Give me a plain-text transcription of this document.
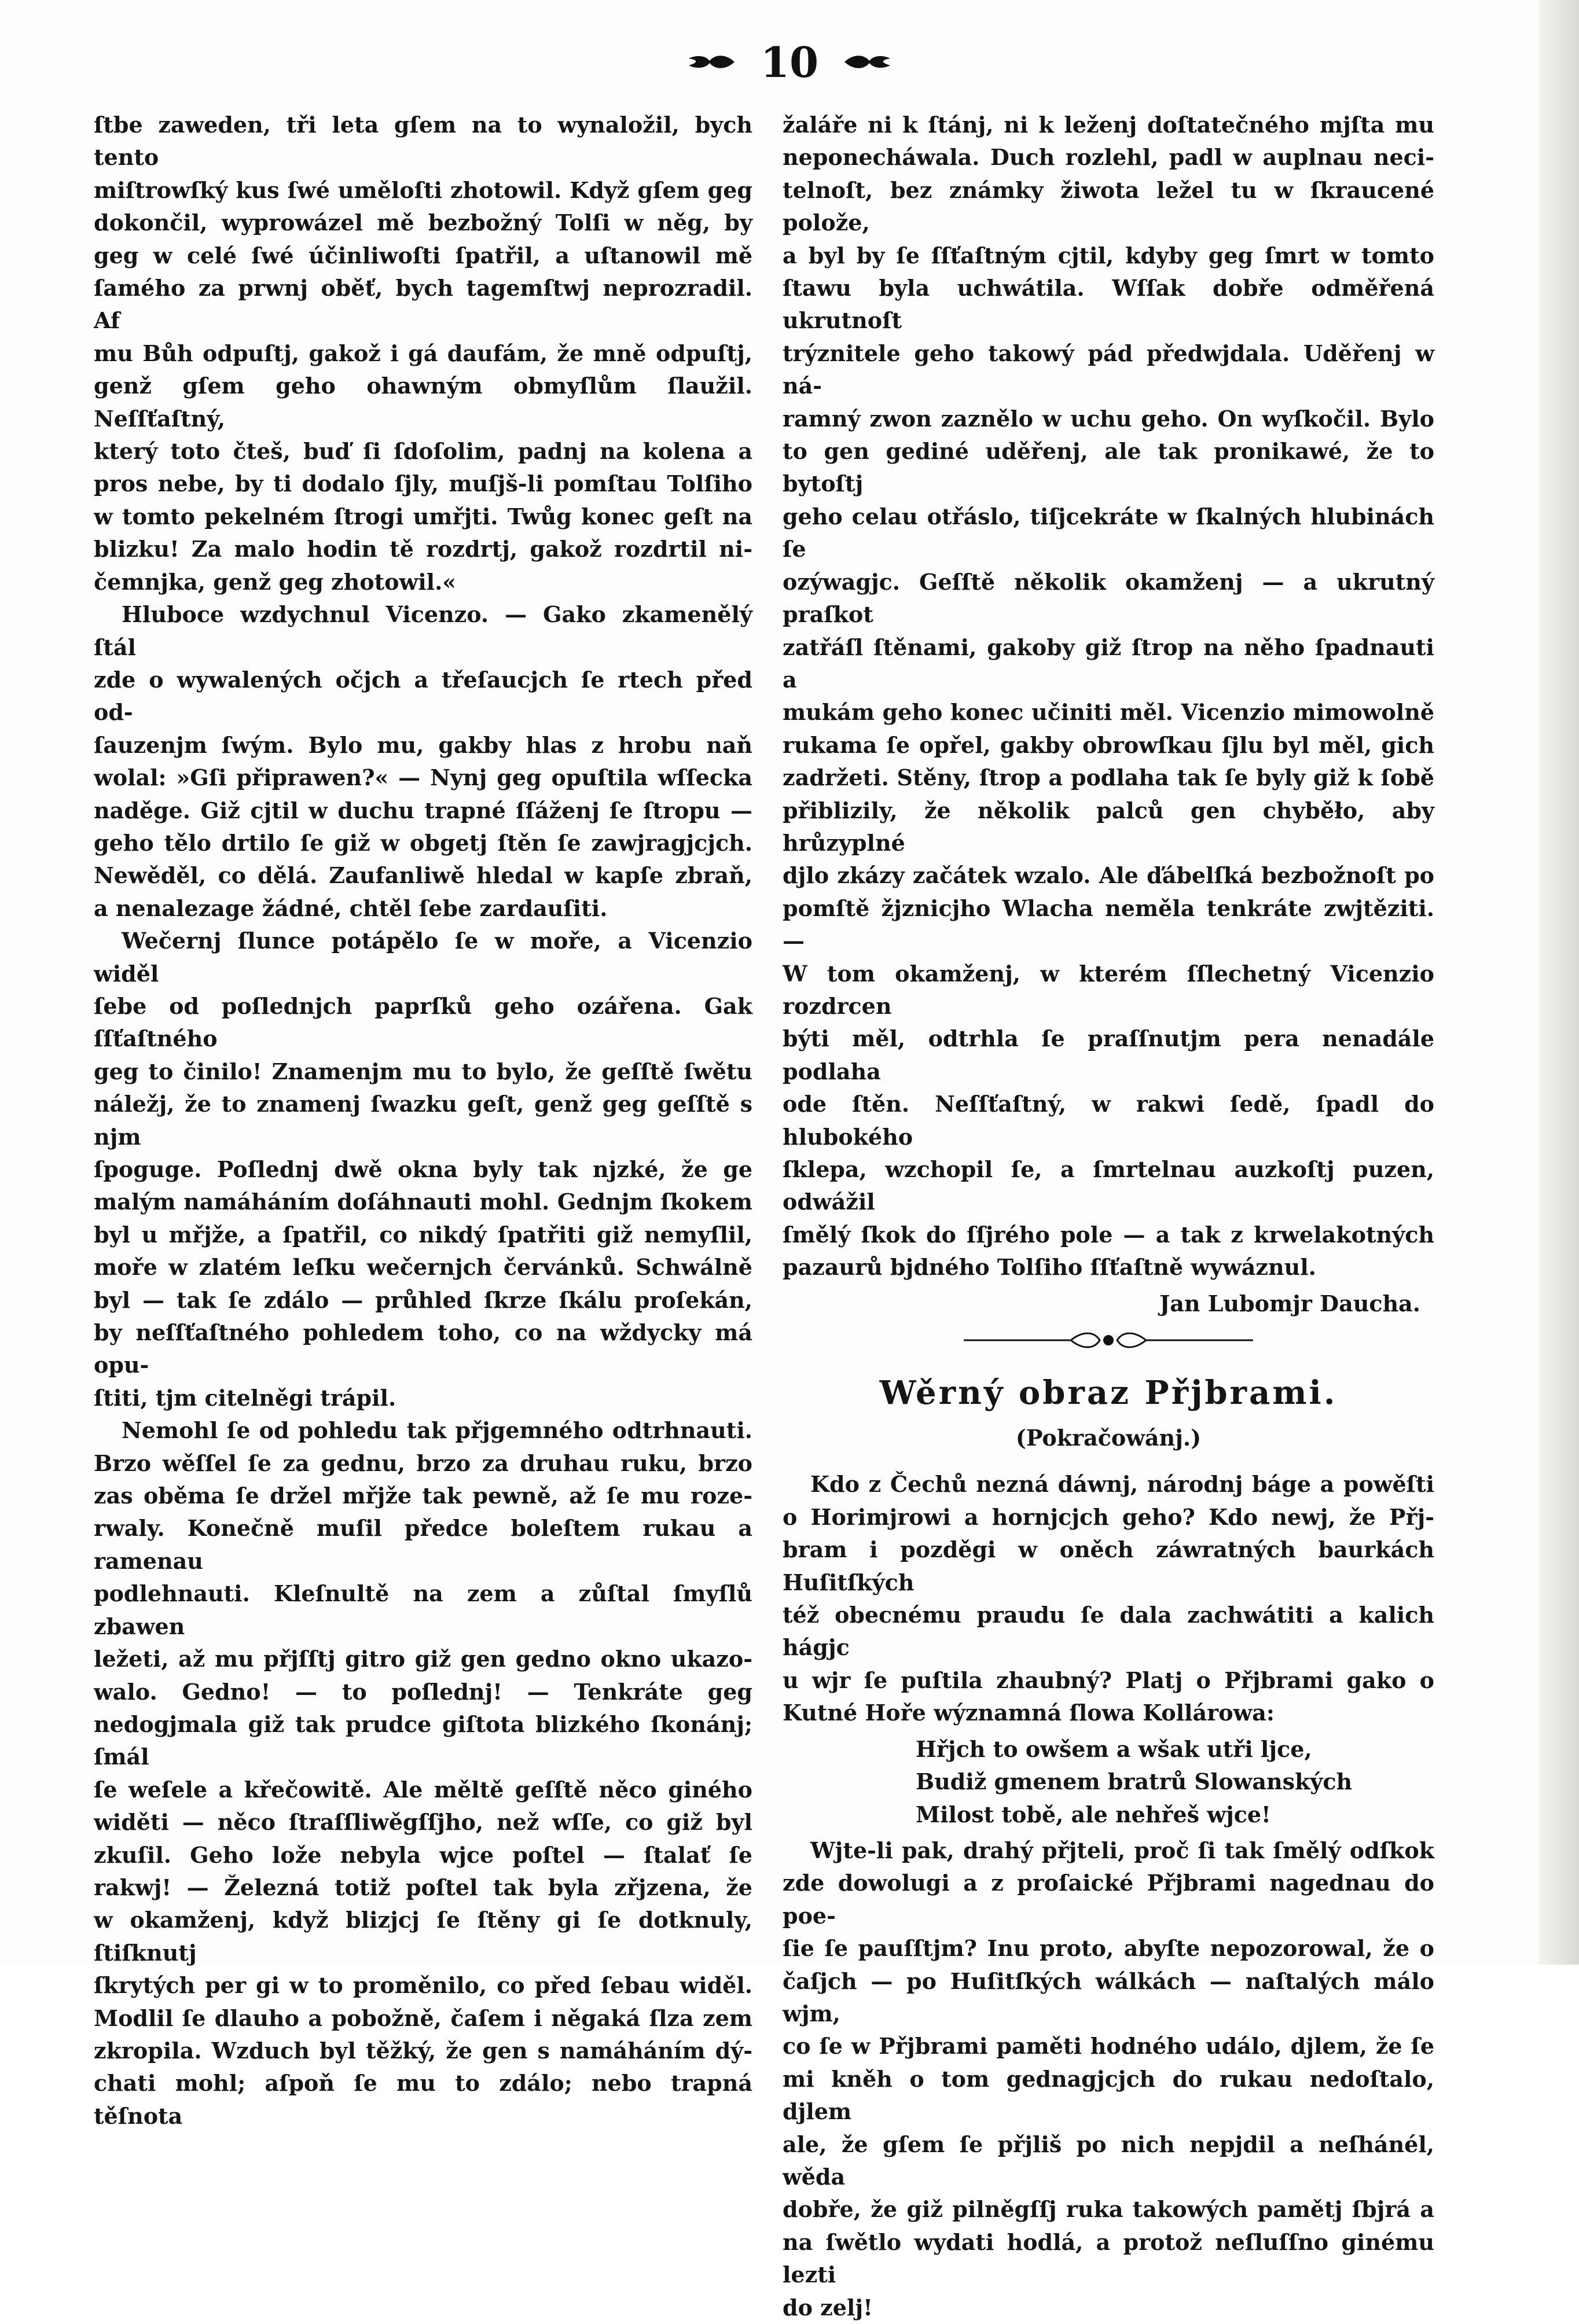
10
ſtbe zaweden, tři leta gſem na to wynaložil, bych tento
miſtrowſký kus ſwé uměloſti zhotowil. Když gſem geg
dokončil, wyprowázel mě bezbožný Tolſi w něg, by
geg w celé ſwé účinliwoſti ſpatřil, a uſtanowil mě
ſamého za prwnj oběť, bych tagemſtwj neprozradil. Af
mu Bůh odpuſtj, gakož i gá daufám, že mně odpuſtj,
genž gſem geho ohawným obmyſlům ſlaužil. Neſſťaſtný,
který toto čteš, buď ſi ſdoſolim, padnj na kolena a
pros nebe, by ti dodalo ſjly, muſjš-li pomſtau Tolſiho
w tomto pekelném ſtrogi umřjti. Twůg konec geſt na
blizku! Za malo hodin tě rozdrtj, gakož rozdrtil ni-
čemnjka, genž geg zhotowil.«
Hluboce wzdychnul Vicenzo. — Gako zkamenělý ſtál
zde o wywalených očjch a třeſaucjch ſe rtech před od-
ſauzenjm ſwým. Bylo mu, gakby hlas z hrobu naň
wolal: »Gſi připrawen?« — Nynj geg opuſtila wſſecka
naděge. Giž cjtil w duchu trapné ſſáženj ſe ſtropu —
geho tělo drtilo ſe giž w obgetj ſtěn ſe zawjragjcjch.
Newěděl, co dělá. Zaufanliwě hledal w kapſe zbraň,
a nenalezage žádné, chtěl ſebe zardauſiti.
Wečernj ſlunce potápělo ſe w moře, a Vicenzio widěl
ſebe od poſlednjch paprſků geho ozářena. Gak ſſťaſtného
geg to činilo! Znamenjm mu to bylo, že geſſtě ſwětu
náležj, že to znamenj ſwazku geſt, genž geg geſſtě s njm
ſpoguge. Poſlednj dwě okna byly tak njzké, že ge
malým namáháním doſáhnauti mohl. Gednjm ſkokem
byl u mřjže, a ſpatřil, co nikdý ſpatřiti giž nemyſlil,
moře w zlatém leſku wečernjch červánků. Schwálně
byl — tak ſe zdálo — průhled ſkrze ſkálu proſekán,
by neſſťaſtného pohledem toho, co na wždycky má opu-
ſtiti, tjm citelněgi trápil.
Nemohl ſe od pohledu tak přjgemného odtrhnauti.
Brzo wěſſel ſe za gednu, brzo za druhau ruku, brzo
zas oběma ſe držel mřjže tak pewně, až ſe mu roze-
rwaly. Konečně muſil předce boleſtem rukau a ramenau
podlehnauti. Kleſnultě na zem a zůſtal ſmyſlů zbawen
ležeti, až mu přjſſtj gitro giž gen gedno okno ukazo-
walo. Gedno! — to poſlednj! — Tenkráte geg
nedogjmala giž tak prudce giſtota blizkého ſkonánj; ſmál
ſe weſele a křečowitě. Ale měltě geſſtě něco giného
widěti — něco ſtraſſliwěgſſjho, než wſſe, co giž byl
zkuſil. Geho lože nebyla wjce poſtel — ſtalať ſe
rakwj! — Železná totiž poſtel tak byla zřjzena, že
w okamženj, když blizjcj ſe ſtěny gi ſe dotknuly, ſtiſknutj
ſkrytých per gi w to proměnilo, co před ſebau widěl.
Modlil ſe dlauho a pobožně, čaſem i něgaká ſlza zem
zkropila. Wzduch byl těžký, že gen s namáháním dý-
chati mohl; aſpoň ſe mu to zdálo; nebo trapná těſnota
žaláře ni k ſtánj, ni k leženj doſtatečného mjſta mu
neponecháwala. Duch rozlehl, padl w auplnau neci-
telnoſt, bez známky žiwota ležel tu w ſkraucené polože,
a byl by ſe ſſťaſtným cjtil, kdyby geg ſmrt w tomto
ſtawu byla uchwátila. Wſſak dobře odměřená ukrutnoſt
trýznitele geho takowý pád předwjdala. Uděřenj w ná-
ramný zwon zaznělo w uchu geho. On wyſkočil. Bylo
to gen gediné uděřenj, ale tak pronikawé, že to bytoſtj
geho celau otřáslo, tiſjcekráte w ſkalných hlubinách ſe
ozýwagjc. Geſſtě několik okamženj — a ukrutný praſkot
zatřáſl ſtěnami, gakoby giž ſtrop na něho ſpadnauti a
mukám geho konec učiniti měl. Vicenzio mimowolně
rukama ſe opřel, gakby obrowſkau ſjlu byl měl, gich
zadržeti. Stěny, ſtrop a podlaha tak ſe byly giž k ſobě
přiblizily, že několik palců gen chyběło, aby hrůzyplné
djlo zkázy začátek wzalo. Ale ďábelſká bezbožnoſt po
pomſtě žjznicjho Wlacha neměla tenkráte zwjtěziti. —
W tom okamženj, w kterém ſſlechetný Vicenzio rozdrcen
býti měl, odtrhla ſe praſſnutjm pera nenadále podlaha
ode ſtěn. Neſſťaſtný, w rakwi ſedě, ſpadl do hlubokého
ſklepa, wzchopil ſe, a ſmrtelnau auzkoſtj puzen, odwážil
ſmělý ſkok do ſſjrého pole — a tak z krwelakotných
pazaurů bjdného Tolſiho ſſťaſtně wywáznul.
Jan Lubomjr Daucha.
Wěrný obraz Přjbrami.
(Pokračowánj.)
Kdo z Čechů nezná dáwnj, národnj báge a powěſti
o Horimjrowi a hornjcjch geho? Kdo newj, že Přj-
bram i pozděgi w oněch záwratných baurkách Huſitſkých
též obecnému praudu ſe dala zachwátiti a kalich hágjc
u wjr ſe puſtila zhaubný? Platj o Přjbrami gako o
Kutné Hoře wýznamná ſlowa Kollárowa:
Hřjch to owšem a wšak utři ljce,
Budiž gmenem bratrů Slowanských
Milost tobě, ale nehřeš wjce!
Wjte-li pak, drahý přjteli, proč ſi tak ſmělý odſkok
zde dowolugi a z proſaické Přjbrami nagednau do poe-
ſie ſe pauſſtjm? Inu proto, abyſte nepozorowal, že o
čaſjch — po Huſitſkých wálkách — naſtalých málo wjm,
co ſe w Přjbrami paměti hodného událo, djlem, že ſe
mi kněh o tom gednagjcjch do rukau nedoſtalo, djlem
ale, že gſem ſe přjliš po nich nepjdil a neſhánél, wěda
dobře, že giž pilněgſſj ruka takowých pamětj ſbjrá a
na ſwětlo wydati hodlá, a protož neſluſſno ginému lezti
do zelj!
